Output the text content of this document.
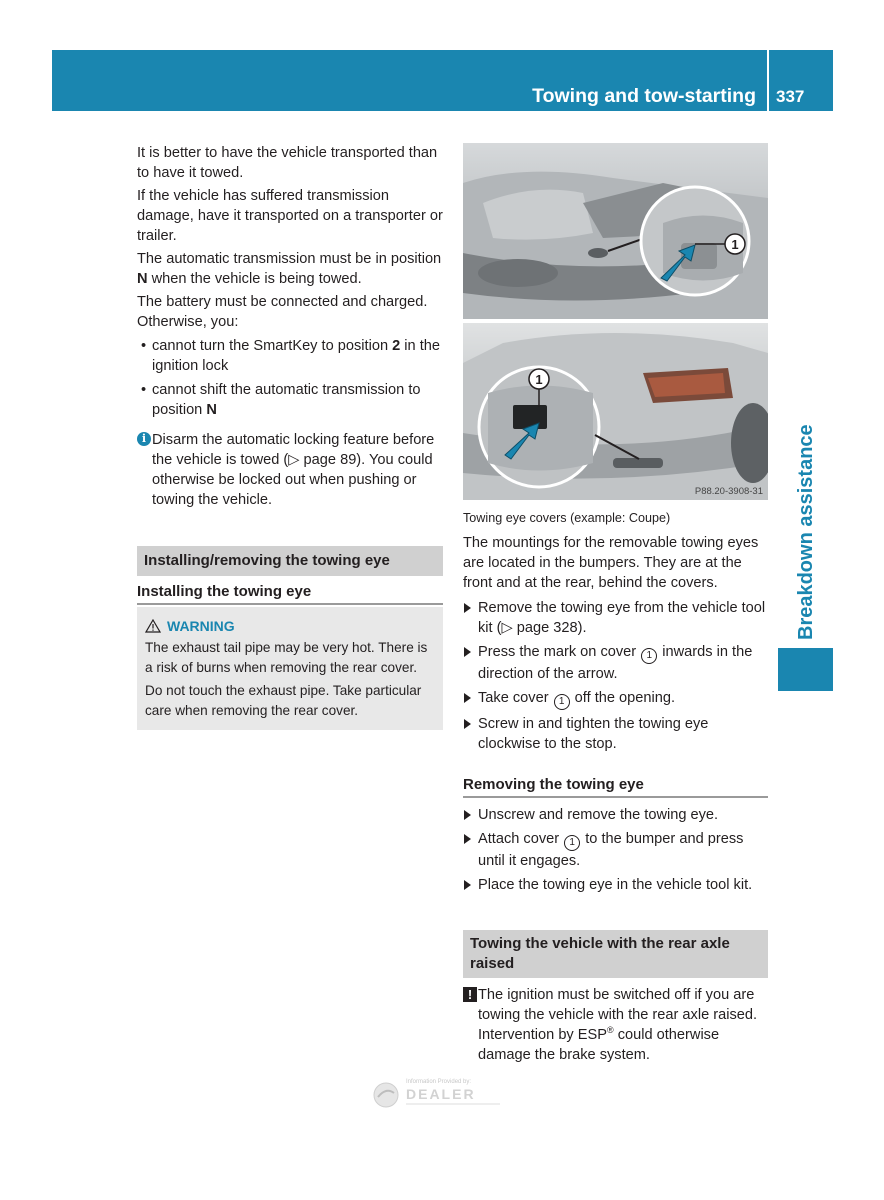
Towing and tow-starting 337
Breakdown assistance

It is better to have the vehicle transported than to have it towed.

If the vehicle has suffered transmission damage, have it transported on a transporter or trailer.

The automatic transmission must be in position N when the vehicle is being towed.

The battery must be connected and charged. Otherwise, you:

• cannot turn the SmartKey to position 2 in the ignition lock
• cannot shift the automatic transmission to position N
i Disarm the automatic locking feature before the vehicle is towed (▷ page 89). You could otherwise be locked out when pushing or towing the vehicle.
Installing/removing the towing eye
Installing the towing eye
WARNING

The exhaust tail pipe may be very hot. There is a risk of burns when removing the rear cover.

Do not touch the exhaust pipe. Take particular care when removing the rear cover.

1
1
P88.20-3908-31
Towing eye covers (example: Coupe)

The mountings for the removable towing eyes are located in the bumpers. They are at the front and at the rear, behind the covers.

Remove the towing eye from the vehicle tool kit (▷ page 328).
Press the mark on cover 1 inwards in the direction of the arrow.
Take cover 1 off the opening.
Screw in and tighten the towing eye clockwise to the stop.
Removing the towing eye
Unscrew and remove the towing eye.
Attach cover 1 to the bumper and press until it engages.
Place the towing eye in the vehicle tool kit.
Towing the vehicle with the rear axle raised
! The ignition must be switched off if you are towing the vehicle with the rear axle raised. Intervention by ESP® could otherwise damage the brake system.
Information Provided by:
DEALER
